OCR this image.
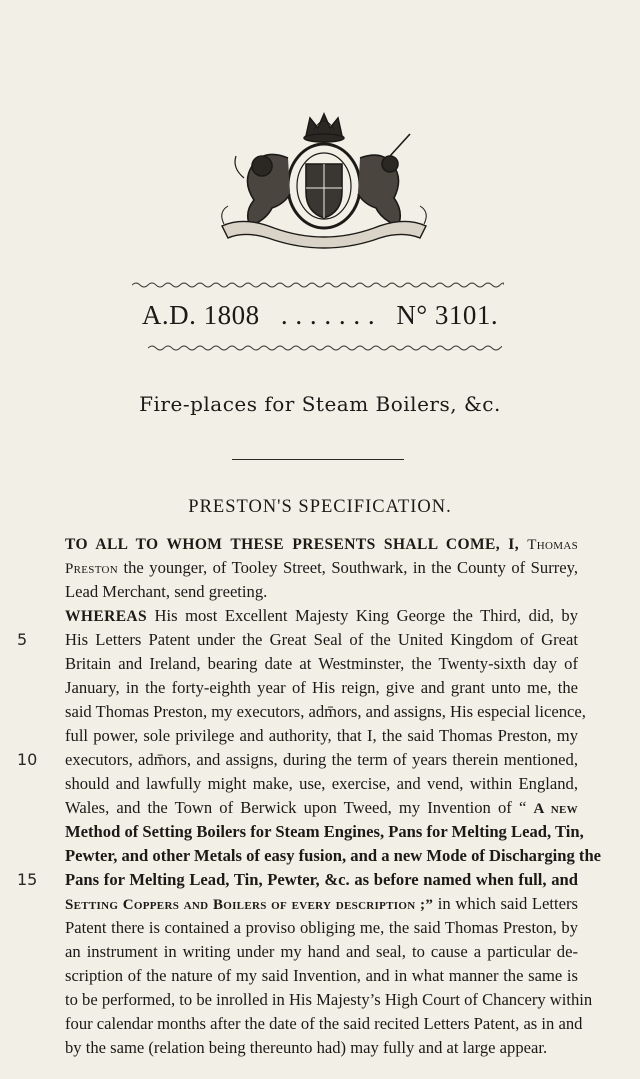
A.D. 1808 . . . . . . . N° 3101.
Fire-places for Steam Boilers, &c.
PRESTON'S SPECIFICATION.
TO ALL TO WHOM THESE PRESENTS SHALL COME, I, Thomas
Preston the younger, of Tooley Street, Southwark, in the County of Surrey,
Lead Merchant, send greeting.
WHEREAS His most Excellent Majesty King George the Third, did, by
His Letters Patent under the Great Seal of the United Kingdom of Great
Britain and Ireland, bearing date at Westminster, the Twenty-sixth day of
January, in the forty-eighth year of His reign, give and grant unto me, the
said Thomas Preston, my executors, adm̄ors, and assigns, His especial licence,
full power, sole privilege and authority, that I, the said Thomas Preston, my
executors, adm̄ors, and assigns, during the term of years therein mentioned,
should and lawfully might make, use, exercise, and vend, within England,
Wales, and the Town of Berwick upon Tweed, my Invention of “ A new
Method of Setting Boilers for Steam Engines, Pans for Melting Lead, Tin,
Pewter, and other Metals of easy fusion, and a new Mode of Discharging the
Pans for Melting Lead, Tin, Pewter, &c. as before named when full, and
Setting Coppers and Boilers of every description ;” in which said Letters
Patent there is contained a proviso obliging me, the said Thomas Preston, by
an instrument in writing under my hand and seal, to cause a particular de-
scription of the nature of my said Invention, and in what manner the same is
to be performed, to be inrolled in His Majesty’s High Court of Chancery within
four calendar months after the date of the said recited Letters Patent, as in and
by the same (relation being thereunto had) may fully and at large appear.
5
10
15
